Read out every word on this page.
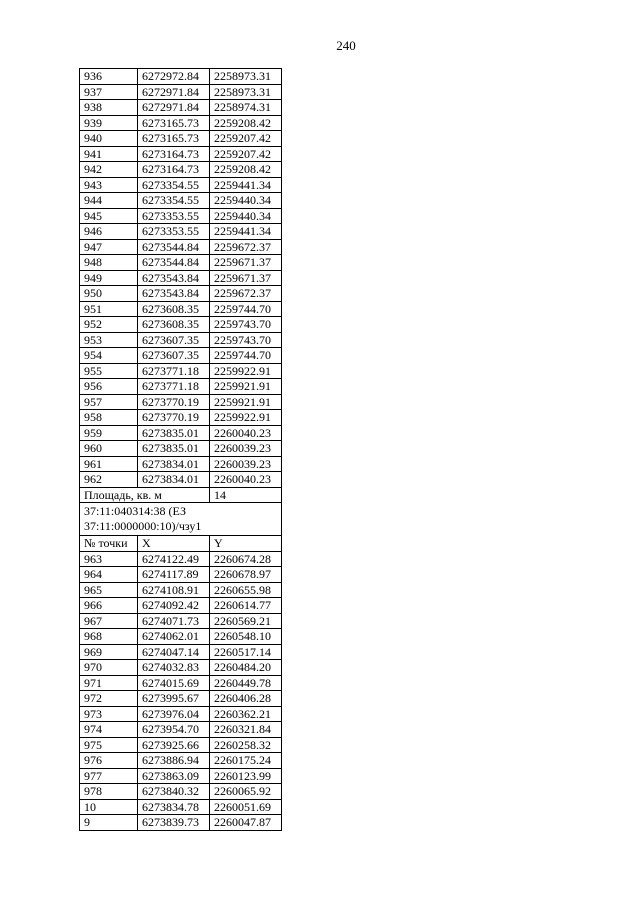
240
936	6272972.84	2258973.31
937	6272971.84	2258973.31
938	6272971.84	2258974.31
939	6273165.73	2259208.42
940	6273165.73	2259207.42
941	6273164.73	2259207.42
942	6273164.73	2259208.42
943	6273354.55	2259441.34
944	6273354.55	2259440.34
945	6273353.55	2259440.34
946	6273353.55	2259441.34
947	6273544.84	2259672.37
948	6273544.84	2259671.37
949	6273543.84	2259671.37
950	6273543.84	2259672.37
951	6273608.35	2259744.70
952	6273608.35	2259743.70
953	6273607.35	2259743.70
954	6273607.35	2259744.70
955	6273771.18	2259922.91
956	6273771.18	2259921.91
957	6273770.19	2259921.91
958	6273770.19	2259922.91
959	6273835.01	2260040.23
960	6273835.01	2260039.23
961	6273834.01	2260039.23
962	6273834.01	2260040.23
Площадь, кв. м		14
37:11:040314:38 (ЕЗ 37:11:0000000:10)/чзу1		
№ точки	X	Y
963	6274122.49	2260674.28
964	6274117.89	2260678.97
965	6274108.91	2260655.98
966	6274092.42	2260614.77
967	6274071.73	2260569.21
968	6274062.01	2260548.10
969	6274047.14	2260517.14
970	6274032.83	2260484.20
971	6274015.69	2260449.78
972	6273995.67	2260406.28
973	6273976.04	2260362.21
974	6273954.70	2260321.84
975	6273925.66	2260258.32
976	6273886.94	2260175.24
977	6273863.09	2260123.99
978	6273840.32	2260065.92
10	6273834.78	2260051.69
9	6273839.73	2260047.87
